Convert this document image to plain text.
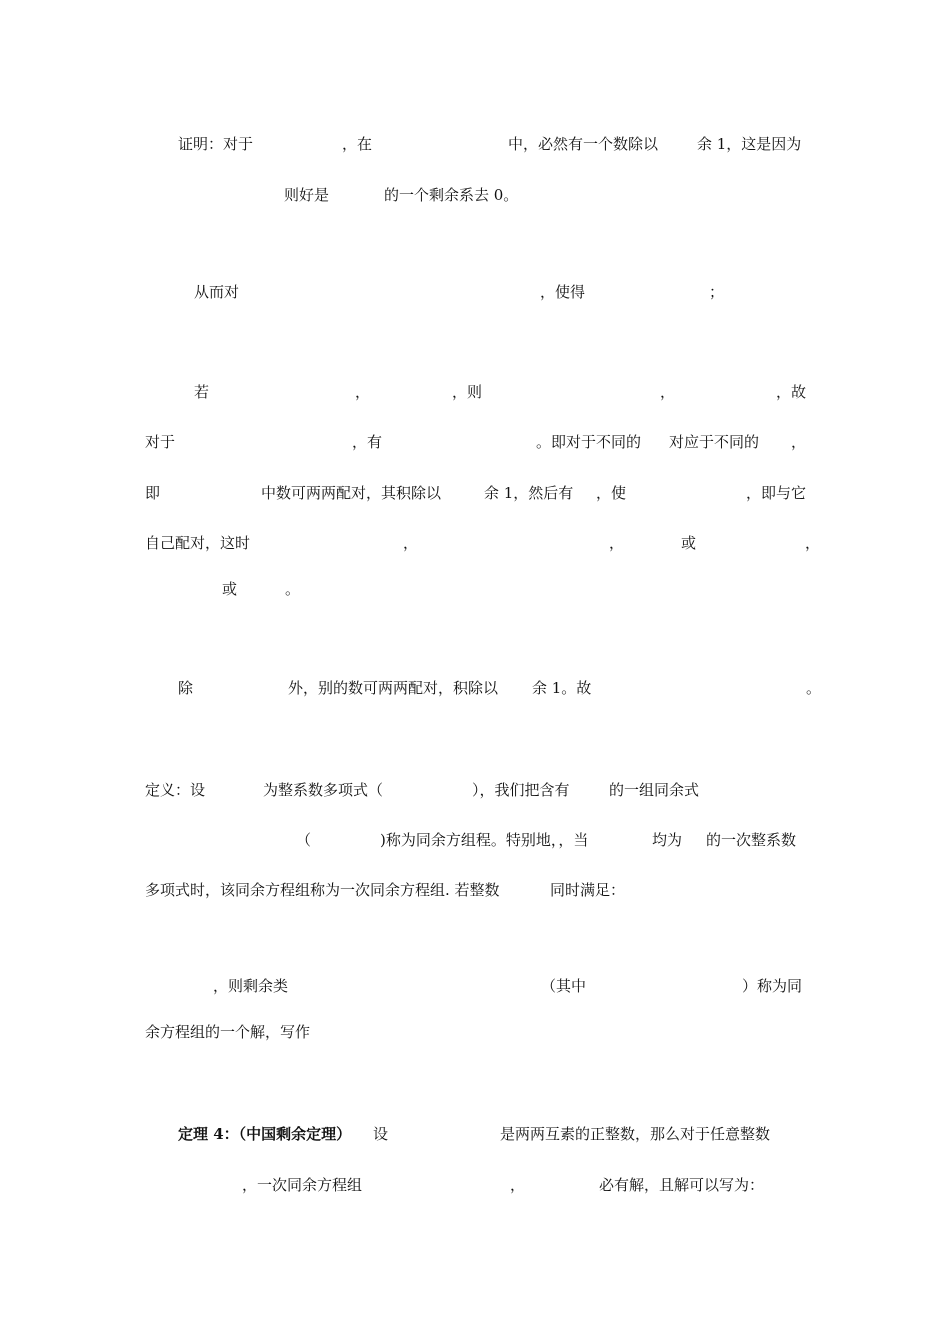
证明：对于	，在	中，必然有一个数除以	余 1，这是因为
则好是	的一个剩余系去 0。
从而对	，使得	；
若	，	，则	，	，故
对于	，有	。即对于不同的 对应于不同的 ，
即	中数可两两配对，其积除以	余 1，然后有 ，使	，即与它
自己配对，这时	，	，	或	，
或	。
除	外，别的数可两两配对，积除以 余 1。故	。
定义：设	为整系数多项式（	），我们把含有	的一组同余式
（	)称为同余方组程。特别地，，当	均为 的一次整系数
多项式时，该同余方程组称为一次同余方程组. 若整数	同时满足：
，则剩余类	（其中	）称为同
余方程组的一个解，写作
定理 4：（中国剩余定理） 设	是两两互素的正整数，那么对于任意整数
，一次同余方程组	，	必有解，且解可以写为：
